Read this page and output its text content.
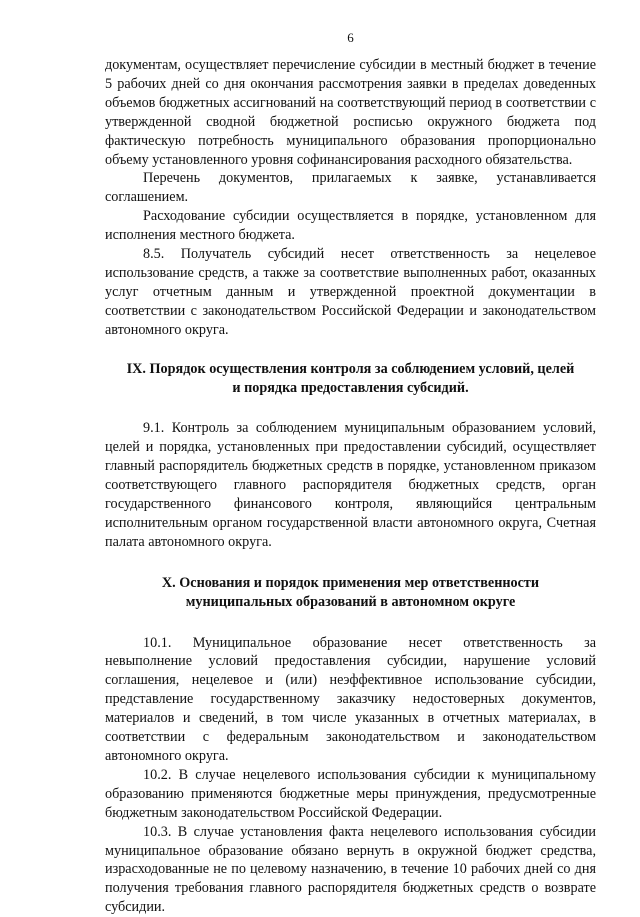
6

документам, осуществляет перечисление субсидии в местный бюджет в течение 5 рабочих дней со дня окончания рассмотрения заявки в пределах доведенных объемов бюджетных ассигнований на соответствующий период в соответствии с утвержденной сводной бюджетной росписью окружного бюджета под фактическую потребность муниципального образования пропорционально объему установленного уровня софинансирования расходного обязательства.

Перечень документов, прилагаемых к заявке, устанавливается соглашением.

Расходование субсидии осуществляется в порядке, установленном для исполнения местного бюджета.

8.5. Получатель субсидий несет ответственность за нецелевое использование средств, а также за соответствие выполненных работ, оказанных услуг отчетным данным и утвержденной проектной документации в соответствии с законодательством Российской Федерации и законодательством автономного округа.

IX. Порядок осуществления контроля за соблюдением условий, целей
и порядка предоставления субсидий.

9.1. Контроль за соблюдением муниципальным образованием условий, целей и порядка, установленных при предоставлении субсидий, осуществляет главный распорядитель бюджетных средств в порядке, установленном приказом соответствующего главного распорядителя бюджетных средств, орган государственного финансового контроля, являющийся центральным исполнительным органом государственной власти автономного округа, Счетная палата автономного округа.

X. Основания и порядок применения мер ответственности
муниципальных образований в автономном округе

10.1. Муниципальное образование несет ответственность за невыполнение условий предоставления субсидии, нарушение условий соглашения, нецелевое и (или) неэффективное использование субсидии, представление государственному заказчику недостоверных документов, материалов и сведений, в том числе указанных в отчетных материалах, в соответствии с федеральным законодательством и законодательством автономного округа.

10.2. В случае нецелевого использования субсидии к муниципальному образованию применяются бюджетные меры принуждения, предусмотренные бюджетным законодательством Российской Федерации.

10.3. В случае установления факта нецелевого использования субсидии муниципальное образование обязано вернуть в окружной бюджет средства, израсходованные не по целевому назначению, в течение 10 рабочих дней со дня получения требования главного распорядителя бюджетных средств о возврате субсидии.
